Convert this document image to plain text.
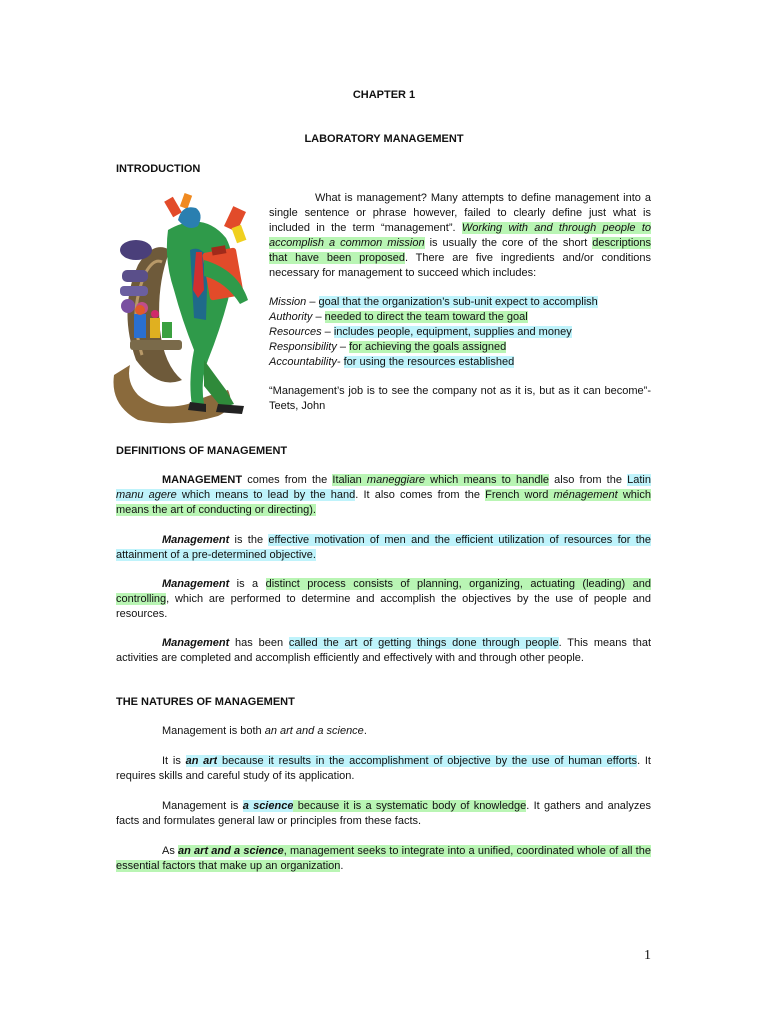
CHAPTER 1
LABORATORY MANAGEMENT
INTRODUCTION
What is management? Many attempts to define management into a single sentence or phrase however, failed to clearly define just what is included in the term “management”. Working with and through people to accomplish a common mission is usually the core of the short descriptions that have been proposed. There are five ingredients and/or conditions necessary for management to succeed which includes:
Mission – goal that the organization’s sub-unit expect to accomplish
Authority – needed to direct the team toward the goal
Resources – includes people, equipment, supplies and money
Responsibility – for achieving the goals assigned
Accountability- for using the resources established
“Management’s job is to see the company not as it is, but as it can become”- Teets, John
DEFINITIONS OF MANAGEMENT
MANAGEMENT comes from the Italian maneggiare which means to handle also from the Latin manu agere which means to lead by the hand. It also comes from the French word ménagement which means the art of conducting or directing).
Management is the effective motivation of men and the efficient utilization of resources for the attainment of a pre-determined objective.
Management is a distinct process consists of planning, organizing, actuating (leading) and controlling, which are performed to determine and accomplish the objectives by the use of people and resources.
Management has been called the art of getting things done through people. This means that activities are completed and accomplish efficiently and effectively with and through other people.
THE NATURES OF MANAGEMENT
Management is both an art and a science.
It is an art because it results in the accomplishment of objective by the use of human efforts. It requires skills and careful study of its application.
Management is a science because it is a systematic body of knowledge. It gathers and analyzes facts and formulates general law or principles from these facts.
As an art and a science, management seeks to integrate into a unified, coordinated whole of all the essential factors that make up an organization.
1
